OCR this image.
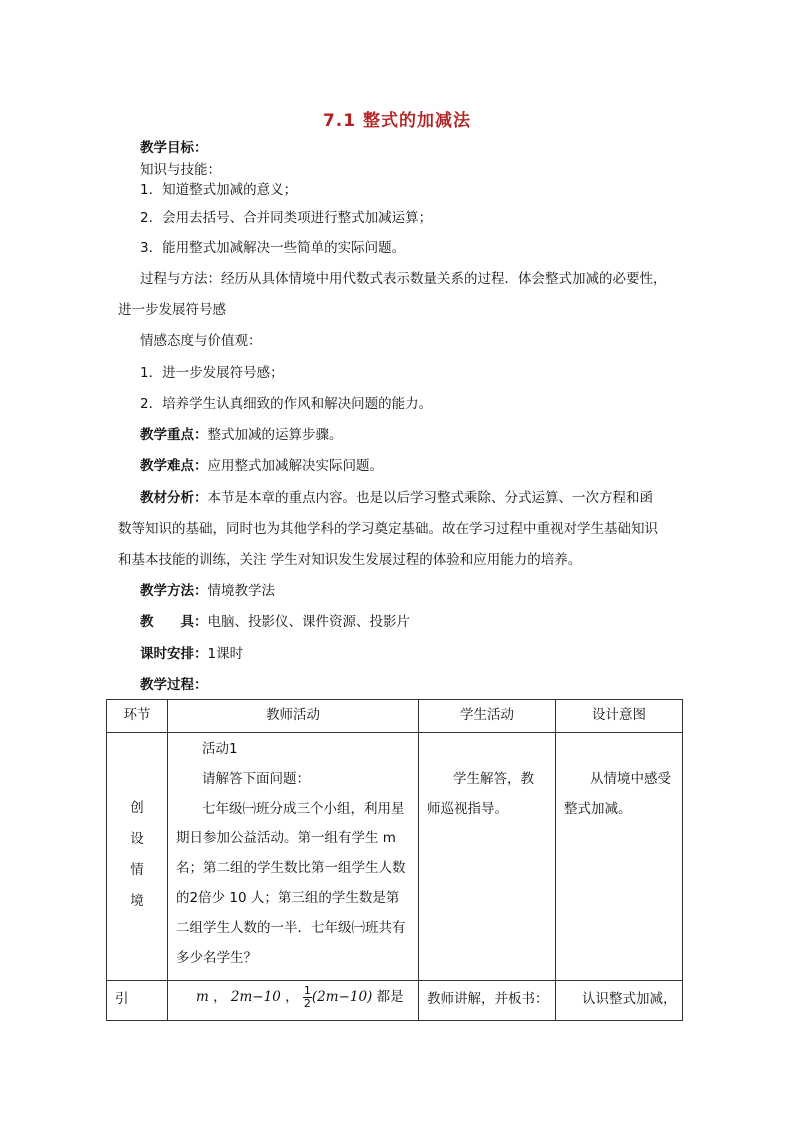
7.1 整式的加减法
教学目标：
知识与技能：
1．知道整式加减的意义；
2．会用去括号、合并同类项进行整式加减运算；
3．能用整式加减解决一些简单的实际问题。
过程与方法：经历从具体情境中用代数式表示数量关系的过程．体会整式加减的必要性，
进一步发展符号感
情感态度与价值观：
1．进一步发展符号感；
2．培养学生认真细致的作风和解决问题的能力。
教学重点：整式加减的运算步骤。
教学难点：应用整式加减解决实际问题。
教材分析：本节是本章的重点内容。也是以后学习整式乘除、分式运算、一次方程和函
数等知识的基础，同时也为其他学科的学习奠定基础。故在学习过程中重视对学生基础知识
和基本技能的训练，关注 学生对知识发生发展过程的体验和应用能力的培养。
教学方法：情境教学法
教　　具：电脑、投影仪、课件资源、投影片
课时安排：1课时
教学过程：
环节	教师活动	学生活动	设计意图

创设情境	活动1
请解答下面问题：
七年级㈠班分成三个小组，利用星期日参加公益活动。第一组有学生 m 名；第二组的学生数比第一组学生人数的2倍少 10 人；第三组的学生数是第二组学生人数的一半．七年级㈠班共有多少名学生？	学生解答，教师巡视指导。	从情境中感受整式加减。

引	m ， 2m−10 ， $\frac{1}{2} (2m-10)$ 都是	教师讲解，并板书：	认识整式加减，
